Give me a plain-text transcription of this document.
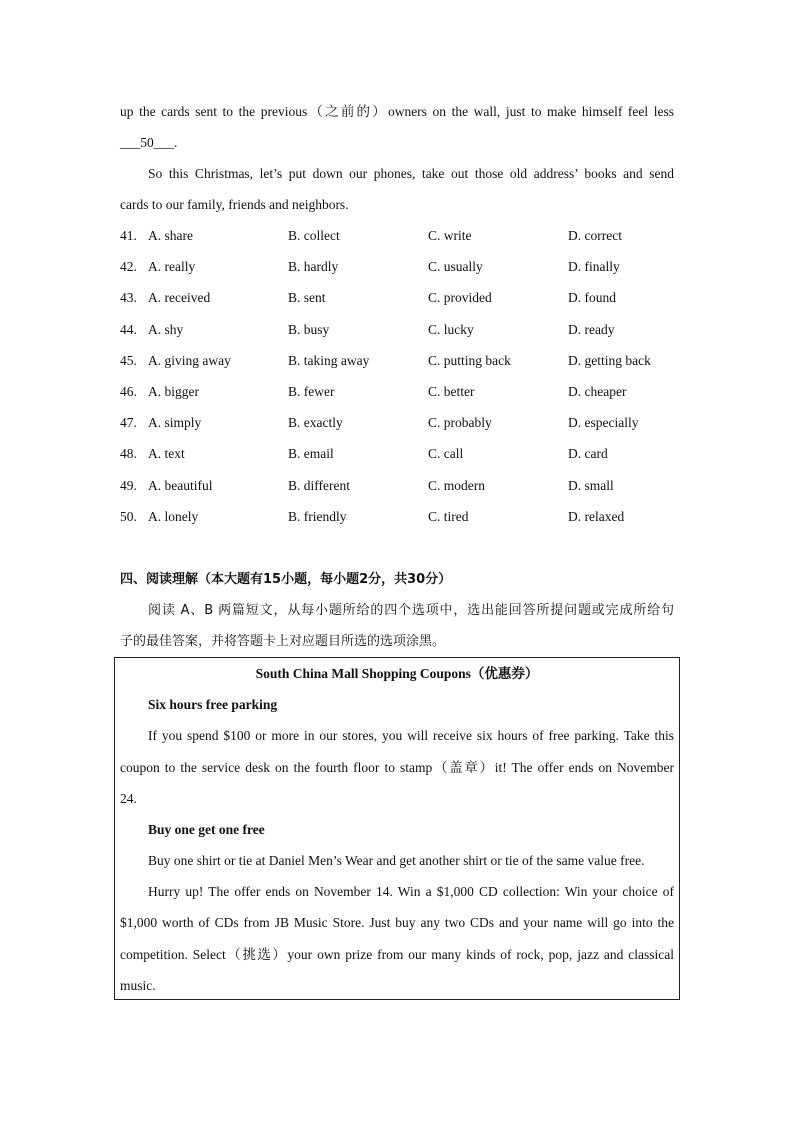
up the cards sent to the previous（之前的）owners on the wall, just to make himself feel less
___50___.
So this Christmas, let’s put down our phones, take out those old address’ books and send
cards to our family, friends and neighbors.
41. A. share	B. collect	C. write	D. correct
42. A. really	B. hardly	C. usually	D. finally
43. A. received	B. sent	C. provided	D. found
44. A. shy	B. busy	C. lucky	D. ready
45. A. giving away	B. taking away	C. putting back	D. getting back
46. A. bigger	B. fewer	C. better	D. cheaper
47. A. simply	B. exactly	C. probably	D. especially
48. A. text	B. email	C. call	D. card
49. A. beautiful	B. different	C. modern	D. small
50. A. lonely	B. friendly	C. tired	D. relaxed
四、阅读理解（本大题有15小题，每小题2分，共30分）
阅读 A、B 两篇短文，从每小题所给的四个选项中，选出能回答所提问题或完成所给句
子的最佳答案，并将答题卡上对应题目所选的选项涂黑。
South China Mall Shopping Coupons（优惠券）
Six hours free parking
If you spend $100 or more in our stores, you will receive six hours of free parking. Take this
coupon to the service desk on the fourth floor to stamp（盖章）it! The offer ends on November
24.
Buy one get one free
Buy one shirt or tie at Daniel Men’s Wear and get another shirt or tie of the same value free.
Hurry up! The offer ends on November 14. Win a $1,000 CD collection: Win your choice of
$1,000 worth of CDs from JB Music Store. Just buy any two CDs and your name will go into the
competition. Select（挑选）your own prize from our many kinds of rock, pop, jazz and classical
music.
